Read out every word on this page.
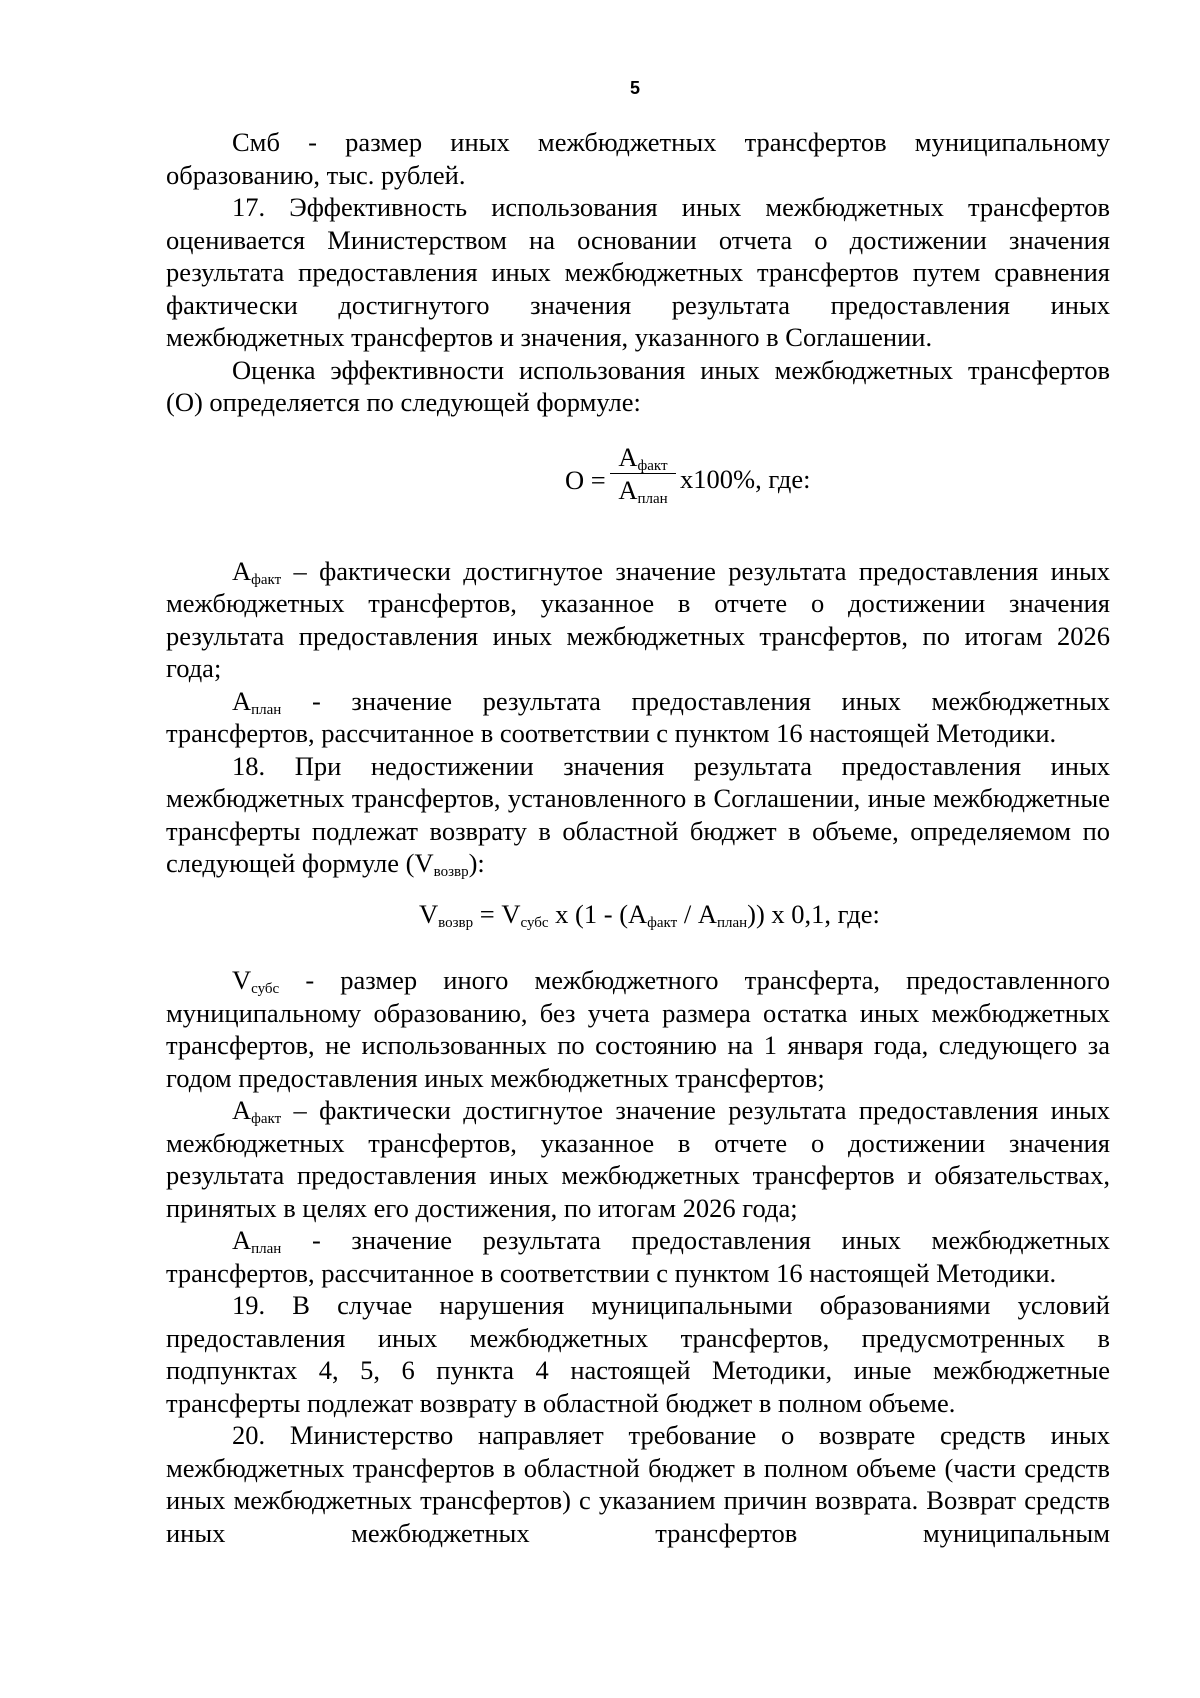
5

Смб - размер иных межбюджетных трансфертов муниципальному образованию, тыс. рублей.

17. Эффективность использования иных межбюджетных трансфертов оценивается Министерством на основании отчета о достижении значения результата предоставления иных межбюджетных трансфертов путем сравнения фактически достигнутого значения результата предоставления иных межбюджетных трансфертов и значения, указанного в Соглашении.

Оценка эффективности использования иных межбюджетных трансфертов (О) определяется по следующей формуле:

О =
$А_{факт}$
$А_{план}$
х100%, где:

$А_{факт}$ – фактически достигнутое значение результата предоставления иных межбюджетных трансфертов, указанное в отчете о достижении значения результата предоставления иных межбюджетных трансфертов, по итогам 2026 года;

$А_{план}$ - значение результата предоставления иных межбюджетных трансфертов, рассчитанное в соответствии с пунктом 16 настоящей Методики.

18. При недостижении значения результата предоставления иных межбюджетных трансфертов, установленного в Соглашении, иные межбюджетные трансферты подлежат возврату в областной бюджет в объеме, определяемом по следующей формуле $(V_{возвр})$:

$V_{возвр} = V_{субс}$ х $(1 - (А_{факт} / А_{план}))$ х 0,1, где:

$V_{субс}$ - размер иного межбюджетного трансферта, предоставленного муниципальному образованию, без учета размера остатка иных межбюджетных трансфертов, не использованных по состоянию на 1 января года, следующего за годом предоставления иных межбюджетных трансфертов;

$А_{факт}$ – фактически достигнутое значение результата предоставления иных межбюджетных трансфертов, указанное в отчете о достижении значения результата предоставления иных межбюджетных трансфертов и обязательствах, принятых в целях его достижения, по итогам 2026 года;

$А_{план}$ - значение результата предоставления иных межбюджетных трансфертов, рассчитанное в соответствии с пунктом 16 настоящей Методики.

19. В случае нарушения муниципальными образованиями условий предоставления иных межбюджетных трансфертов, предусмотренных в подпунктах 4, 5, 6 пункта 4 настоящей Методики, иные межбюджетные трансферты подлежат возврату в областной бюджет в полном объеме.

20. Министерство направляет требование о возврате средств иных межбюджетных трансфертов в областной бюджет в полном объеме (части средств иных межбюджетных трансфертов) с указанием причин возврата. Возврат средств иных межбюджетных трансфертов муниципальным
